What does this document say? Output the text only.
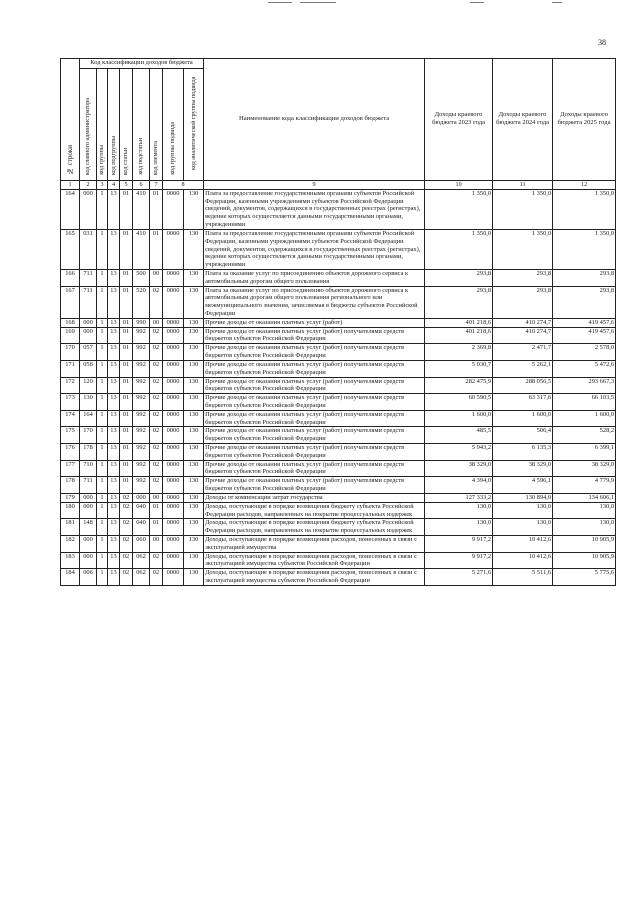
38
№ строки	Код классификации доходов бюджета								Наименование кода классификации доходов бюджета	Доходы краевого бюджета 2023 года	Доходы краевого бюджета 2024 года	Доходы краевого бюджета 2025 года
	код главного администратора	код группы	код подгруппы	код статьи	код подстатьи	код элемента	код группы подвида	код аналитической группы подвида				
1	2	3	4	5	6	7	8		9	10	11	12
164	000	1	13	01	410	01	0000	130	Плата за предоставление государственными органами субъектов Российской Федерации, казенными учреждениями субъектов Российской Федерации сведений, документов, содержащихся в государственных реестрах (регистрах), ведение которых осуществляется данными государственными органами, учреждениями	1 350,0	1 350,0	1 350,0
165	031	1	13	01	410	01	0000	130	Плата за предоставление государственными органами субъектов Российской Федерации, казенными учреждениями субъектов Российской Федерации сведений, документов, содержащихся в государственных реестрах (регистрах), ведение которых осуществляется данными государственными органами, учреждениями	1 350,0	1 350,0	1 350,0
166	711	1	13	01	500	00	0000	130	Плата за оказание услуг по присоединению объектов дорожного сервиса к автомобильным дорогам общего пользования	293,8	293,8	293,8
167	711	1	13	01	520	02	0000	130	Плата за оказание услуг по присоединению объектов дорожного сервиса к автомобильным дорогам общего пользования регионального или межмуниципального значения, зачисляемая в бюджеты субъектов Российской Федерации	293,8	293,8	293,8
168	000	1	13	01	990	00	0000	130	Прочие доходы от оказания платных услуг (работ)	401 218,6	410 274,7	419 457,6
169	000	1	13	01	992	02	0000	130	Прочие доходы от оказания платных услуг (работ) получателями средств бюджетов субъектов Российской Федерации	401 218,6	410 274,7	419 457,6
170	057	1	13	01	992	02	0000	130	Прочие доходы от оказания платных услуг (работ) получателями средств бюджетов субъектов Российской Федерации	2 369,8	2 471,7	2 578,0
171	058	1	13	01	992	02	0000	130	Прочие доходы от оказания платных услуг (работ) получателями средств бюджетов субъектов Российской Федерации	5 030,7	5 262,1	5 472,6
172	120	1	13	01	992	02	0000	130	Прочие доходы от оказания платных услуг (работ) получателями средств бюджетов субъектов Российской Федерации	282 475,9	288 056,5	293 667,3
173	130	1	13	01	992	02	0000	130	Прочие доходы от оказания платных услуг (работ) получателями средств бюджетов субъектов Российской Федерации	60 590,5	63 317,6	66 103,5
174	164	1	13	01	992	02	0000	130	Прочие доходы от оказания платных услуг (работ) получателями средств бюджетов субъектов Российской Федерации	1 600,0	1 600,0	1 600,0
175	170	1	13	01	992	02	0000	130	Прочие доходы от оказания платных услуг (работ) получателями средств бюджетов субъектов Российской Федерации	485,5	506,4	528,2
176	178	1	13	01	992	02	0000	130	Прочие доходы от оказания платных услуг (работ) получателями средств бюджетов субъектов Российской Федерации	5 943,2	6 135,3	6 399,1
177	710	1	13	01	992	02	0000	130	Прочие доходы от оказания платных услуг (работ) получателями средств бюджетов субъектов Российской Федерации	38 329,0	38 329,0	38 329,0
178	711	1	13	01	992	02	0000	130	Прочие доходы от оказания платных услуг (работ) получателями средств бюджетов субъектов Российской Федерации	4 394,0	4 596,1	4 779,9
179	000	1	13	02	000	00	0000	130	Доходы от компенсации затрат государства	127 333,2	130 894,0	134 606,1
180	000	1	13	02	040	01	0000	130	Доходы, поступающие в порядке возмещения бюджету субъекта Российской Федерации расходов, направленных на покрытие процессуальных издержек	130,0	130,0	130,0
181	148	1	13	02	040	01	0000	130	Доходы, поступающие в порядке возмещения бюджету субъекта Российской Федерации расходов, направленных на покрытие процессуальных издержек	130,0	130,0	130,0
182	000	1	13	02	060	00	0000	130	Доходы, поступающие в порядке возмещения расходов, понесенных в связи с эксплуатацией имущества	9 917,2	10 412,6	10 905,9
183	000	1	13	02	062	02	0000	130	Доходы, поступающие в порядке возмещения расходов, понесенных в связи с эксплуатацией имущества субъектов Российской Федерации	9 917,2	10 412,6	10 905,9
184	006	1	13	02	062	02	0000	130	Доходы, поступающие в порядке возмещения расходов, понесенных в связи с эксплуатацией имущества субъектов Российской Федерации	5 271,6	5 511,6	5 775,6
